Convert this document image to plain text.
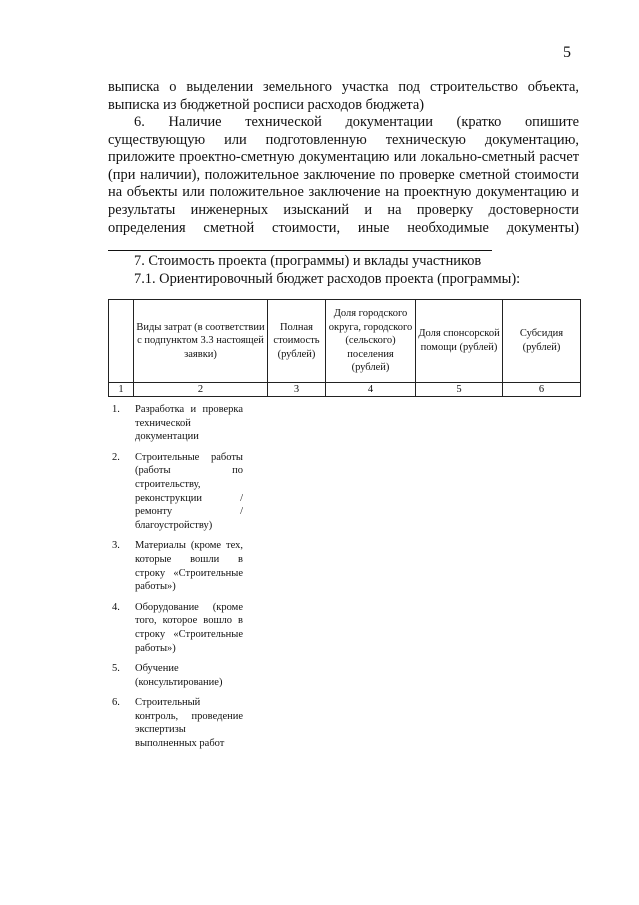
5

выписка о выделении земельного участка под строительство объекта, выписка из бюджетной росписи расходов бюджета)

6. Наличие технической документации (кратко опишите существующую или подготовленную техническую документацию, приложите проектно-сметную документацию или локально-сметный расчет (при наличии), положительное заключение по проверке сметной стоимости на объекты или положительное заключение на проектную документацию и результаты инженерных изысканий и на проверку достоверности определения сметной стоимости, иные необходимые документы)

7. Стоимость проекта (программы) и вклады участников

7.1. Ориентировочный бюджет расходов проекта (программы):

	Виды затрат (в соответствии с подпунктом 3.3 настоящей заявки)	Полная стоимость (рублей)	Доля городского округа, городского (сельского) поселения (рублей)	Доля спонсорской помощи (рублей)	Субсидия (рублей)
1	2	3	4	5	6
1.	Разработка и проверка технической документации
2.	Строительные работы (работы по строительству, реконструкции / ремонту / благоустройству)
3.	Материалы (кроме тех, которые вошли в строку «Строительные работы»)
4.	Оборудование (кроме того, которое вошло в строку «Строительные работы»)
5.	Обучение (консультирование)
6.	Строительный контроль, проведение экспертизы выполненных работ
